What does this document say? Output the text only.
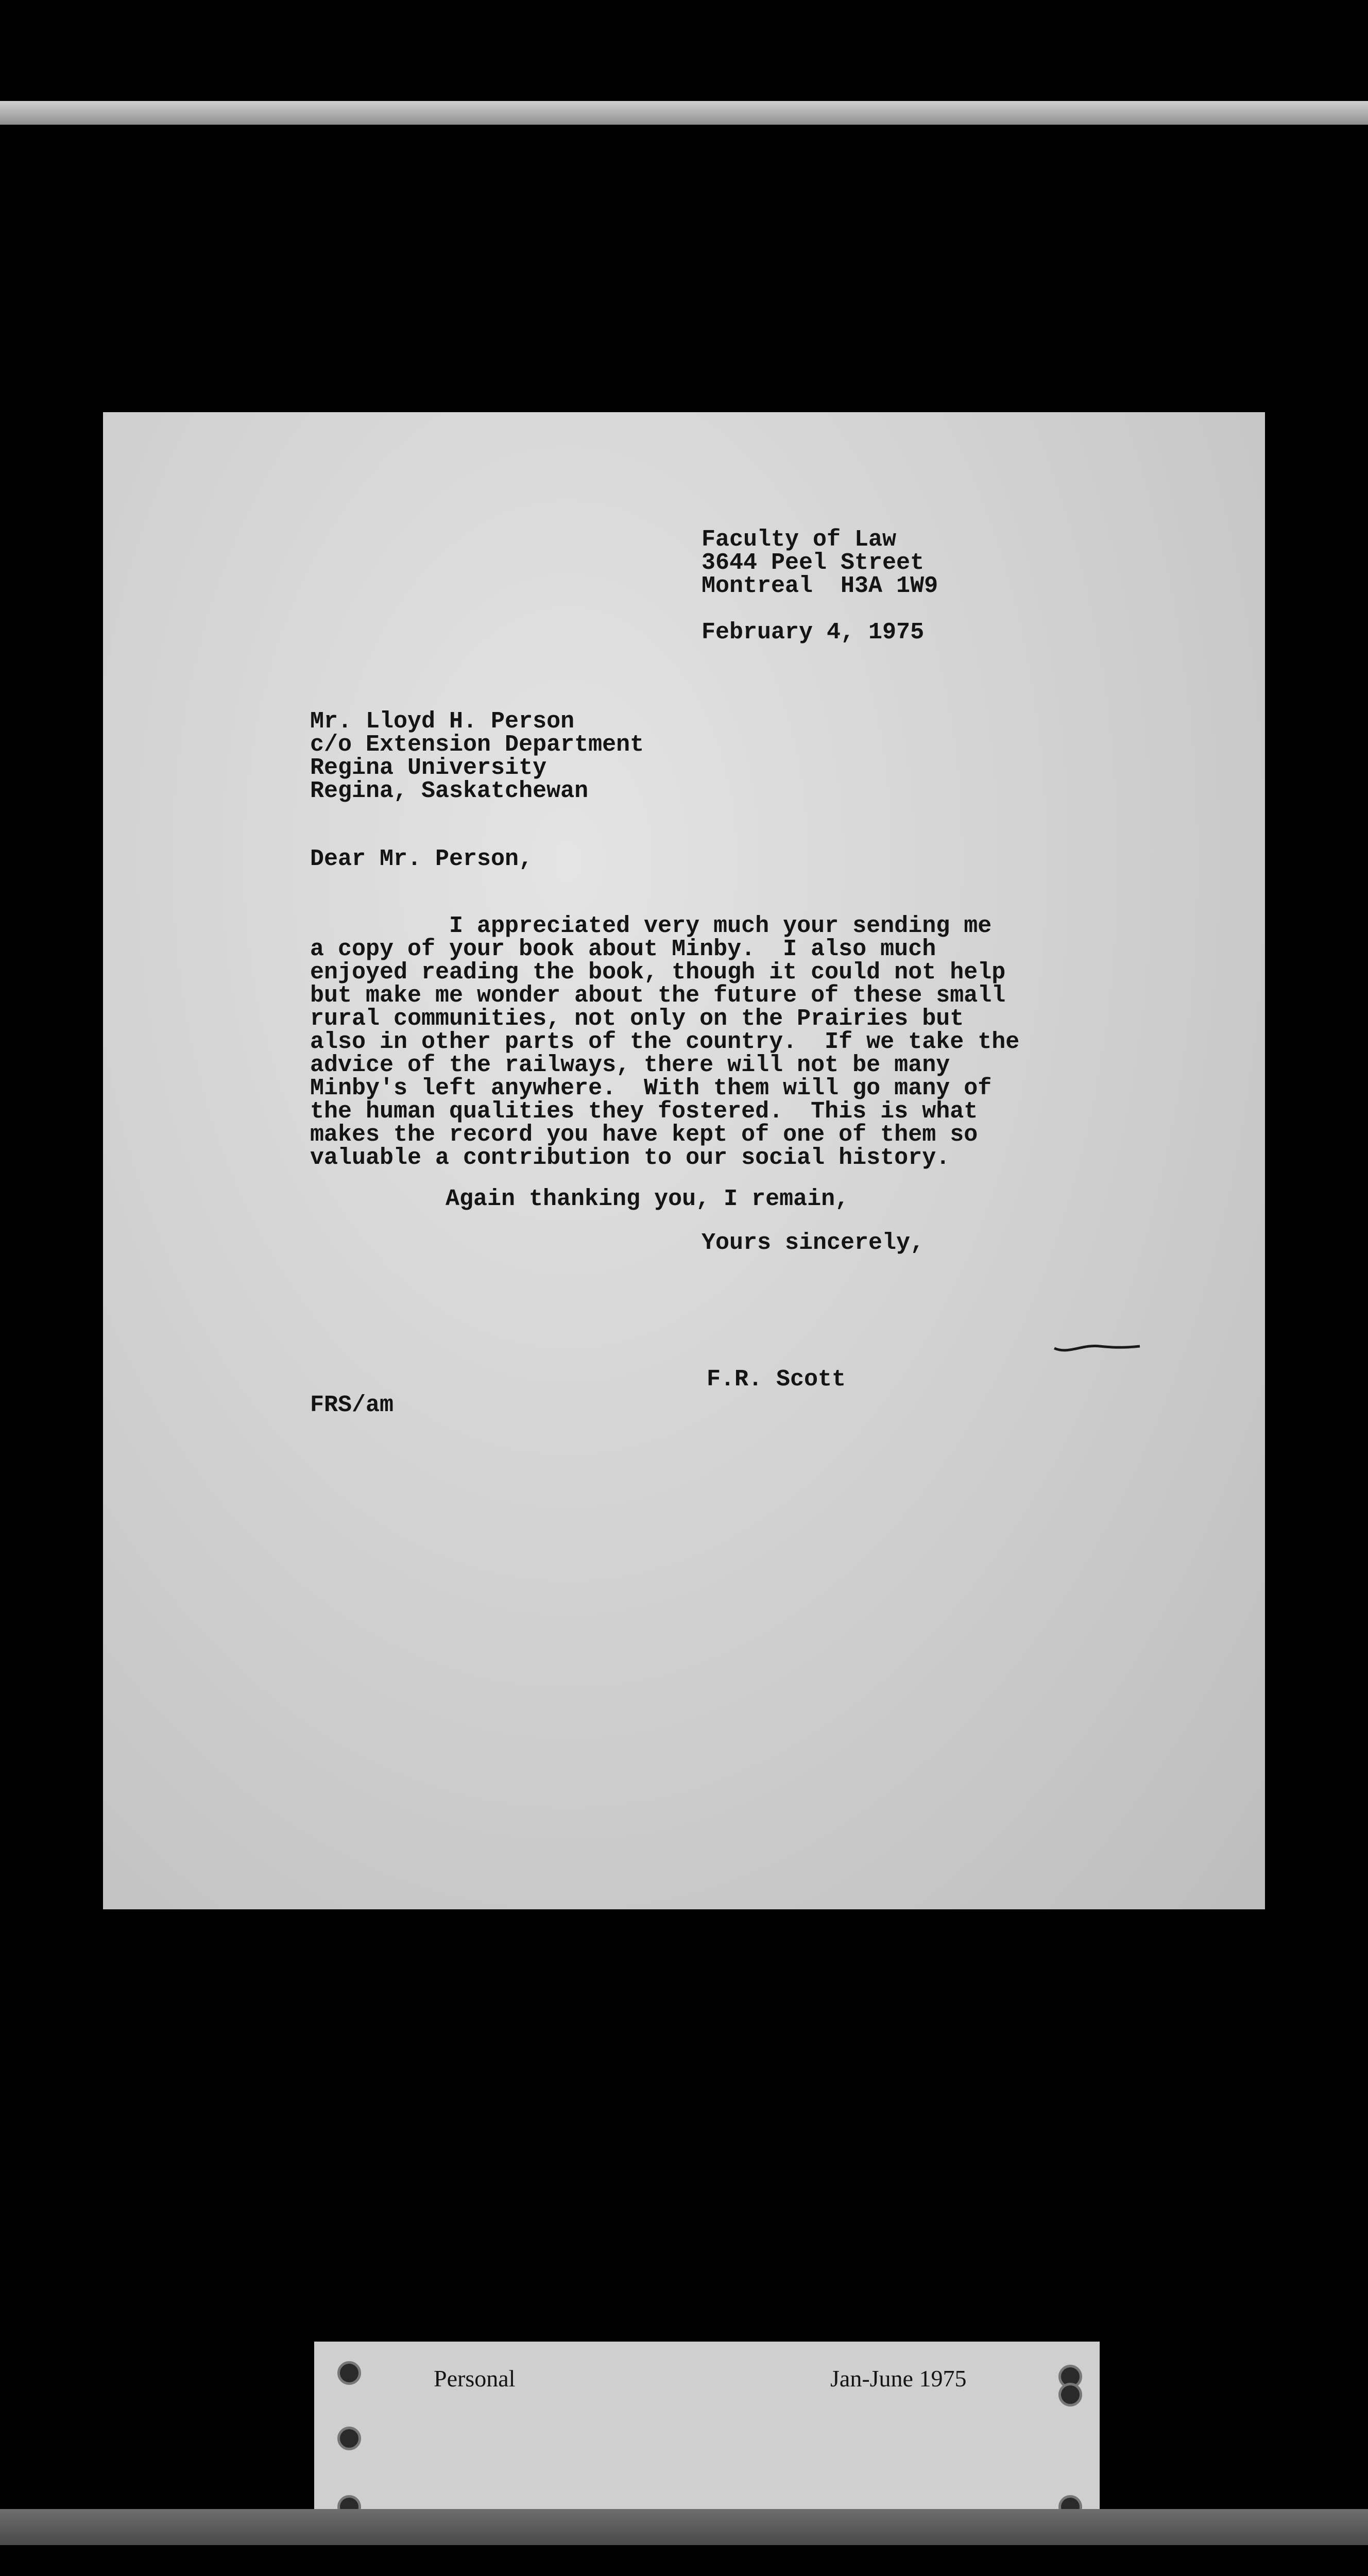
Faculty of Law
3644 Peel Street
Montreal  H3A 1W9
February 4, 1975
Mr. Lloyd H. Person
c/o Extension Department
Regina University
Regina, Saskatchewan
Dear Mr. Person,
I appreciated very much your sending me
a copy of your book about Minby.  I also much
enjoyed reading the book, though it could not help
but make me wonder about the future of these small
rural communities, not only on the Prairies but
also in other parts of the country.  If we take the
advice of the railways, there will not be many
Minby's left anywhere.  With them will go many of
the human qualities they fostered.  This is what
makes the record you have kept of one of them so
valuable a contribution to our social history.
Again thanking you, I remain,
Yours sincerely,
F.R. Scott
FRS/am
Personal	Jan-June 1975
